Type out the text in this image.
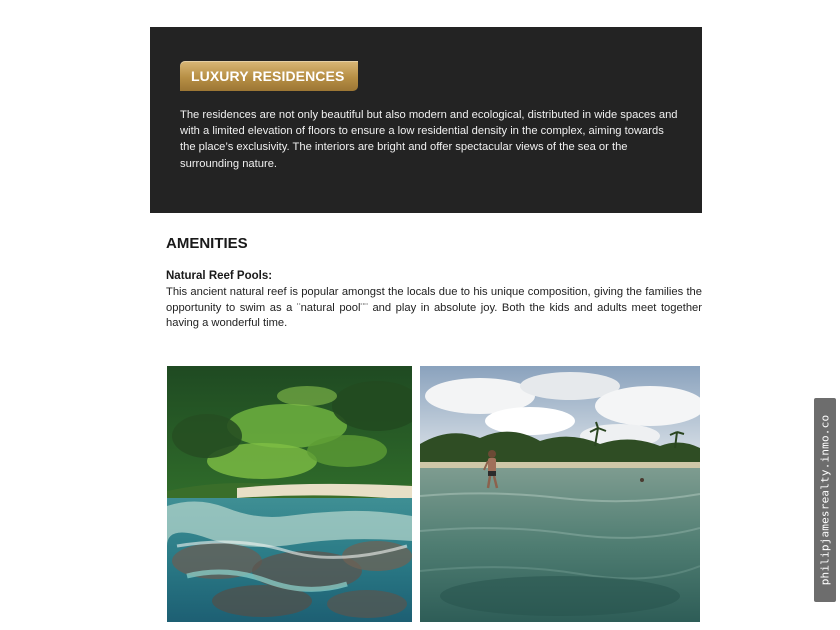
LUXURY RESIDENCES

The residences are not only beautiful but also modern and ecological, distributed in wide spaces and with a limited elevation of floors to ensure a low residential density in the complex, aiming towards the place’s exclusivity. The interiors are bright and offer spectacular views of the sea or the surrounding nature.

AMENITIES
Natural Reef Pools:

This ancient natural reef is popular amongst the locals due to his unique composition, giving the families the opportunity to swim as a ¨natural pool¨¨ and play in absolute joy. Both the kids and adults meet together having a wonderful time.

philipjamesrealty.inmo.co
